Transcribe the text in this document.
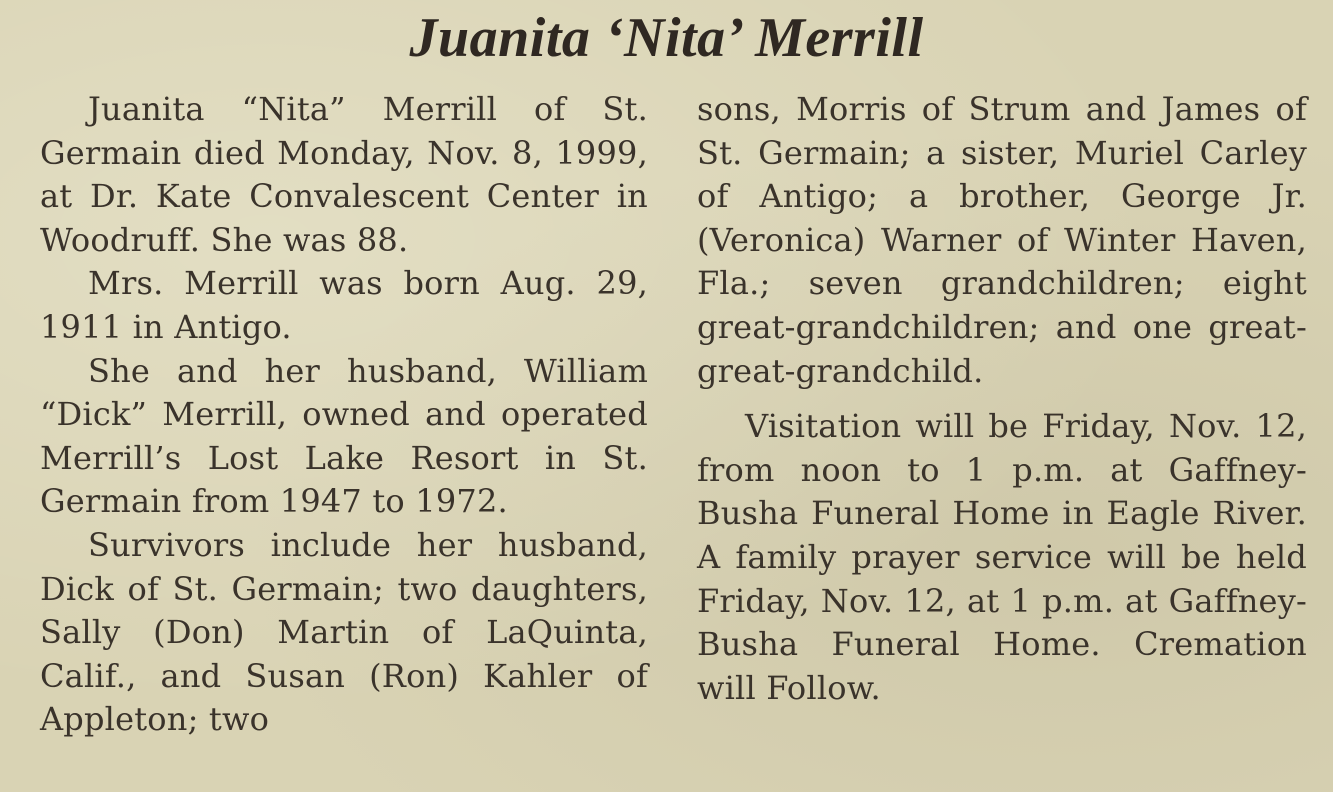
Juanita ‘Nita’ Merrill

Juanita “Nita” Merrill of St. Germain died Monday, Nov. 8, 1999, at Dr. Kate Convalescent Center in Woodruff. She was 88.

Mrs. Merrill was born Aug. 29, 1911 in Antigo.

She and her husband, William “Dick” Merrill, owned and operated Merrill’s Lost Lake Resort in St. Germain from 1947 to 1972.

Survivors include her husband, Dick of St. Germain; two daughters, Sally (Don) Martin of LaQuinta, Calif., and Susan (Ron) Kahler of Appleton; two

sons, Morris of Strum and James of St. Germain; a sister, Muriel Carley of Antigo; a brother, George Jr. (Veronica) Warner of Winter Haven, Fla.; seven grandchildren; eight great-grandchildren; and one great-great-grandchild.

Visitation will be Friday, Nov. 12, from noon to 1 p.m. at Gaffney-Busha Funeral Home in Eagle River. A family prayer service will be held Friday, Nov. 12, at 1 p.m. at Gaffney-Busha Funeral Home. Cremation will Follow.
